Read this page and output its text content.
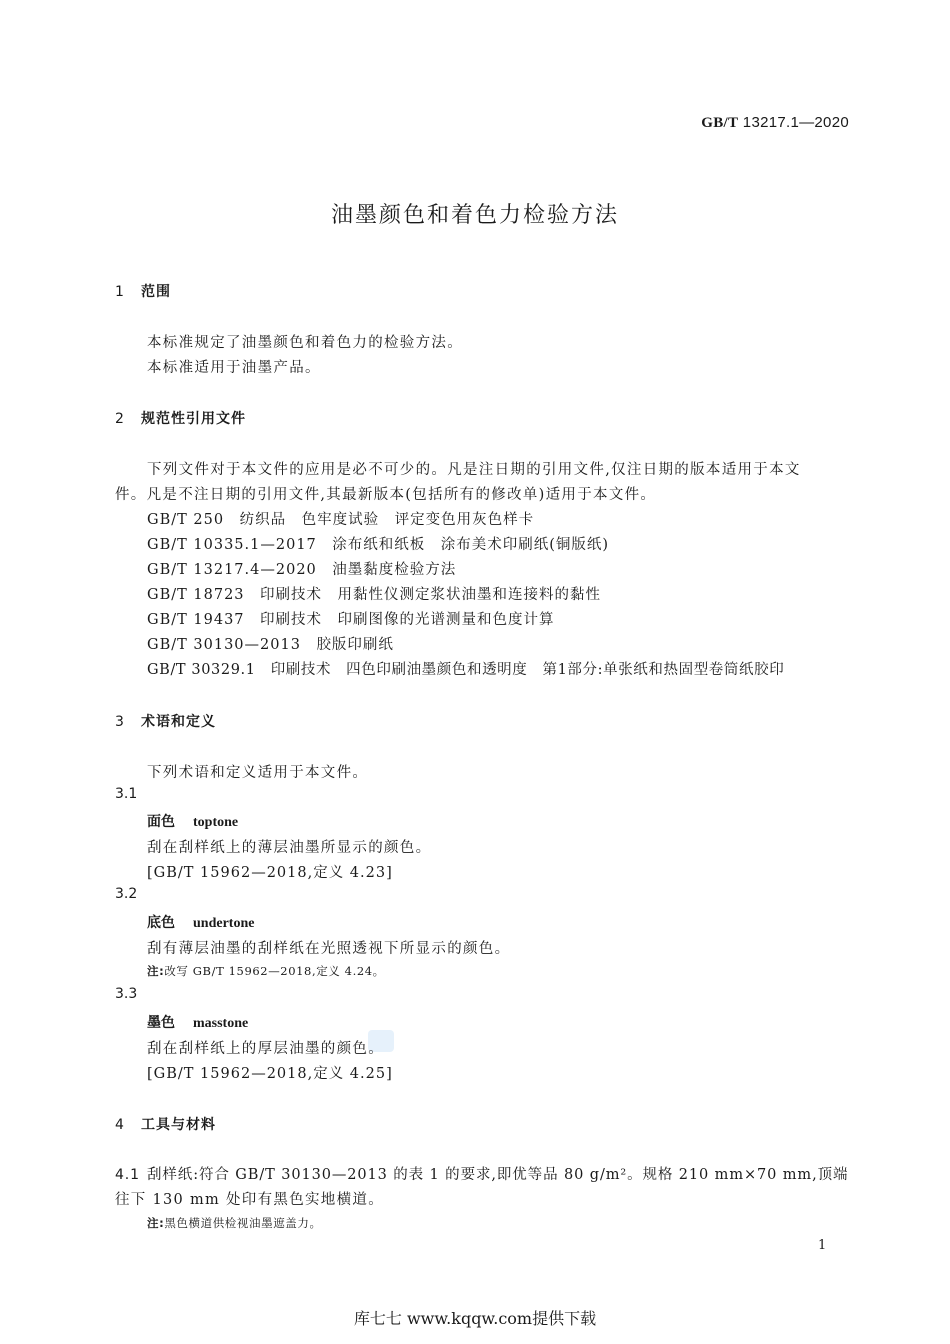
GB/T 13217.1—2020
油墨颜色和着色力检验方法
1 范围
本标准规定了油墨颜色和着色力的检验方法。
本标准适用于油墨产品。
2 规范性引用文件
下列文件对于本文件的应用是必不可少的。凡是注日期的引用文件,仅注日期的版本适用于本文
件。凡是不注日期的引用文件,其最新版本(包括所有的修改单)适用于本文件。
GB/T 250　 纺织品　色牢度试验　评定变色用灰色样卡
GB/T 10335.1—2017　 涂布纸和纸板　涂布美术印刷纸(铜版纸)
GB/T 13217.4—2020　 油墨黏度检验方法
GB/T 18723　 印刷技术　用黏性仪测定浆状油墨和连接料的黏性
GB/T 19437　 印刷技术　印刷图像的光谱测量和色度计算
GB/T 30130—2013　 胶版印刷纸
GB/T 30329.1　 印刷技术　四色印刷油墨颜色和透明度　第1部分:单张纸和热固型卷筒纸胶印
3 术语和定义
下列术语和定义适用于本文件。
3.1
面色 toptone
刮在刮样纸上的薄层油墨所显示的颜色。
[GB/T 15962—2018,定义 4.23]
3.2
底色 undertone
刮有薄层油墨的刮样纸在光照透视下所显示的颜色。
注:改写 GB/T 15962—2018,定义 4.24。
3.3
墨色 masstone
刮在刮样纸上的厚层油墨的颜色。
[GB/T 15962—2018,定义 4.25]
4 工具与材料
4.1 刮样纸:符合 GB/T 30130—2013 的表 1 的要求,即优等品 80 g/m²。规格 210 mm×70 mm,顶端
往下 130 mm 处印有黑色实地横道。
注:黑色横道供检视油墨遮盖力。
1
库七七 www.kqqw.com提供下载
